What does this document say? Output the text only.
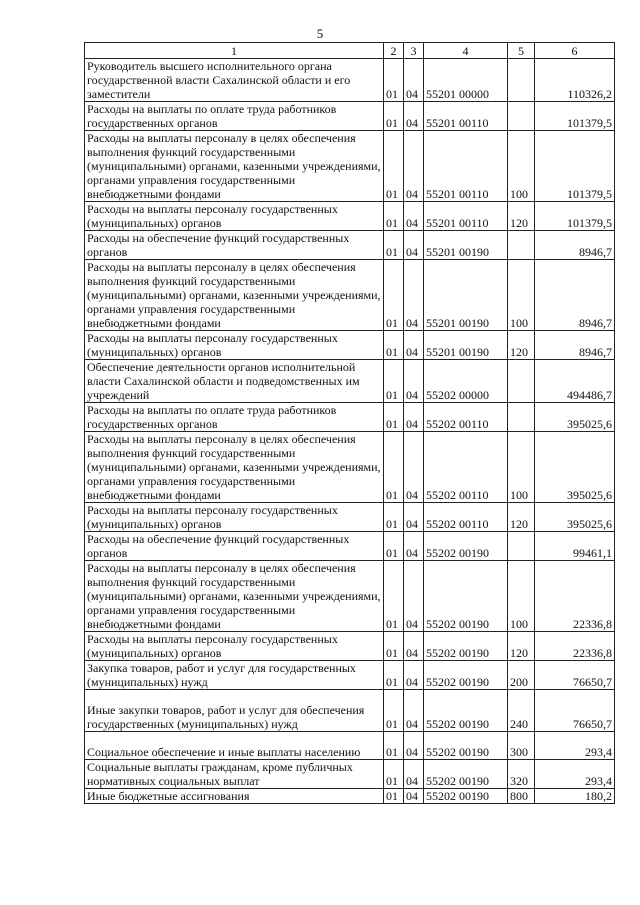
5
1	2	3	4	5	6
Руководитель высшего исполнительного органа государственной власти Сахалинской области и его заместители	01	04	55201 00000		110326,2
Расходы на выплаты по оплате труда работников государственных органов	01	04	55201 00110		101379,5
Расходы на выплаты персоналу в целях обеспечения выполнения функций государственными (муниципальными) органами, казенными учреждениями, органами управления государственными внебюджетными фондами	01	04	55201 00110	100	101379,5
Расходы на выплаты персоналу государственных (муниципальных) органов	01	04	55201 00110	120	101379,5
Расходы на обеспечение функций государственных органов	01	04	55201 00190		8946,7
Расходы на выплаты персоналу в целях обеспечения выполнения функций государственными (муниципальными) органами, казенными учреждениями, органами управления государственными внебюджетными фондами	01	04	55201 00190	100	8946,7
Расходы на выплаты персоналу государственных (муниципальных) органов	01	04	55201 00190	120	8946,7
Обеспечение деятельности органов исполнительной власти Сахалинской области и подведомственных им учреждений	01	04	55202 00000		494486,7
Расходы на выплаты по оплате труда работников государственных органов	01	04	55202 00110		395025,6
Расходы на выплаты персоналу в целях обеспечения выполнения функций государственными (муниципальными) органами, казенными учреждениями, органами управления государственными внебюджетными фондами	01	04	55202 00110	100	395025,6
Расходы на выплаты персоналу государственных (муниципальных) органов	01	04	55202 00110	120	395025,6
Расходы на обеспечение функций государственных органов	01	04	55202 00190		99461,1
Расходы на выплаты персоналу в целях обеспечения выполнения функций государственными (муниципальными) органами, казенными учреждениями, органами управления государственными внебюджетными фондами	01	04	55202 00190	100	22336,8
Расходы на выплаты персоналу государственных (муниципальных) органов	01	04	55202 00190	120	22336,8
Закупка товаров, работ и услуг для государственных (муниципальных) нужд	01	04	55202 00190	200	76650,7
Иные закупки товаров, работ и услуг для обеспечения государственных (муниципальных) нужд	01	04	55202 00190	240	76650,7
Социальное обеспечение и иные выплаты населению	01	04	55202 00190	300	293,4
Социальные выплаты гражданам, кроме публичных нормативных социальных выплат	01	04	55202 00190	320	293,4
Иные бюджетные ассигнования	01	04	55202 00190	800	180,2
